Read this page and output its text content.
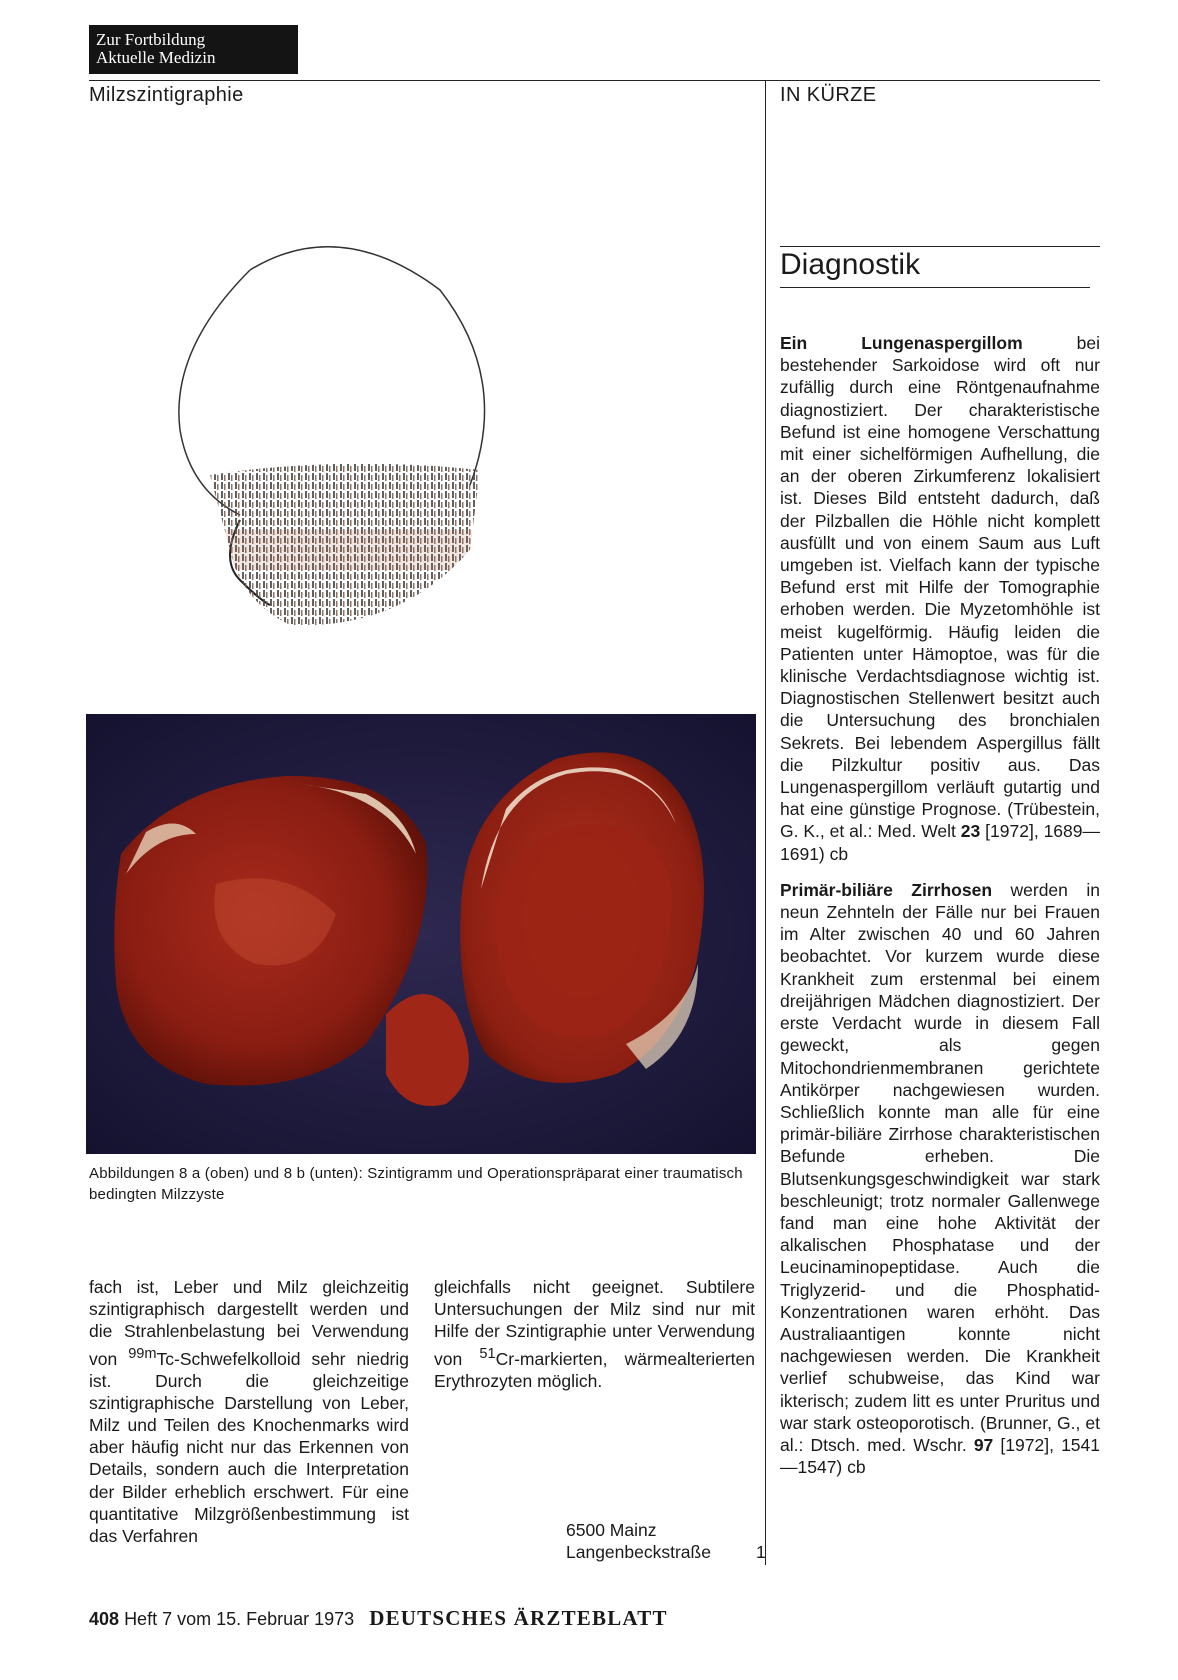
Zur Fortbildung
Aktuelle Medizin
Milzszintigraphie	IN KÜRZE
Diagnostik
Abbildungen 8 a (oben) und 8 b (unten): Szintigramm und Operationspräparat einer traumatisch bedingten Milzzyste

fach ist, Leber und Milz gleichzeitig szintigraphisch dargestellt werden und die Strahlenbelastung bei Verwendung von $^{99m}$Tc-Schwefelkolloid sehr niedrig ist. Durch die gleichzeitige szintigraphische Darstellung von Leber, Milz und Teilen des Knochenmarks wird aber häufig nicht nur das Erkennen von Details, sondern auch die Interpretation der Bilder erheblich erschwert. Für eine quantitative Milzgrößenbestimmung ist das Verfahren

gleichfalls nicht geeignet. Subtilere Untersuchungen der Milz sind nur mit Hilfe der Szintigraphie unter Verwendung von $^{51}$Cr-markierten, wärmealterierten Erythrozyten möglich.

6500 Mainz
Langenbeckstraße	1

Ein Lungenaspergillom bei bestehender Sarkoidose wird oft nur zufällig durch eine Röntgenaufnahme diagnostiziert. Der charakteristische Befund ist eine homogene Verschattung mit einer sichelförmigen Aufhellung, die an der oberen Zirkumferenz lokalisiert ist. Dieses Bild entsteht dadurch, daß der Pilzballen die Höhle nicht komplett ausfüllt und von einem Saum aus Luft umgeben ist. Vielfach kann der typische Befund erst mit Hilfe der Tomographie erhoben werden. Die Myzetomhöhle ist meist kugelförmig. Häufig leiden die Patienten unter Hämoptoe, was für die klinische Verdachtsdiagnose wichtig ist. Diagnostischen Stellenwert besitzt auch die Untersuchung des bronchialen Sekrets. Bei lebendem Aspergillus fällt die Pilzkultur positiv aus. Das Lungenaspergillom verläuft gutartig und hat eine günstige Prognose. (Trübestein, G. K., et al.: Med. Welt 23 [1972], 1689—1691) cb

Primär-biliäre Zirrhosen werden in neun Zehnteln der Fälle nur bei Frauen im Alter zwischen 40 und 60 Jahren beobachtet. Vor kurzem wurde diese Krankheit zum erstenmal bei einem dreijährigen Mädchen diagnostiziert. Der erste Verdacht wurde in diesem Fall geweckt, als gegen Mitochondrienmembranen gerichtete Antikörper nachgewiesen wurden. Schließlich konnte man alle für eine primär-biliäre Zirrhose charakteristischen Befunde erheben. Die Blutsenkungsgeschwindigkeit war stark beschleunigt; trotz normaler Gallenwege fand man eine hohe Aktivität der alkalischen Phosphatase und der Leucinaminopeptidase. Auch die Triglyzerid- und die Phosphatid-Konzentrationen waren erhöht. Das Australiaantigen konnte nicht nachgewiesen werden. Die Krankheit verlief schubweise, das Kind war ikterisch; zudem litt es unter Pruritus und war stark osteoporotisch. (Brunner, G., et al.: Dtsch. med. Wschr. 97 [1972], 1541—1547) cb

408 Heft 7 vom 15. Februar 1973 DEUTSCHES ÄRZTEBLATT
